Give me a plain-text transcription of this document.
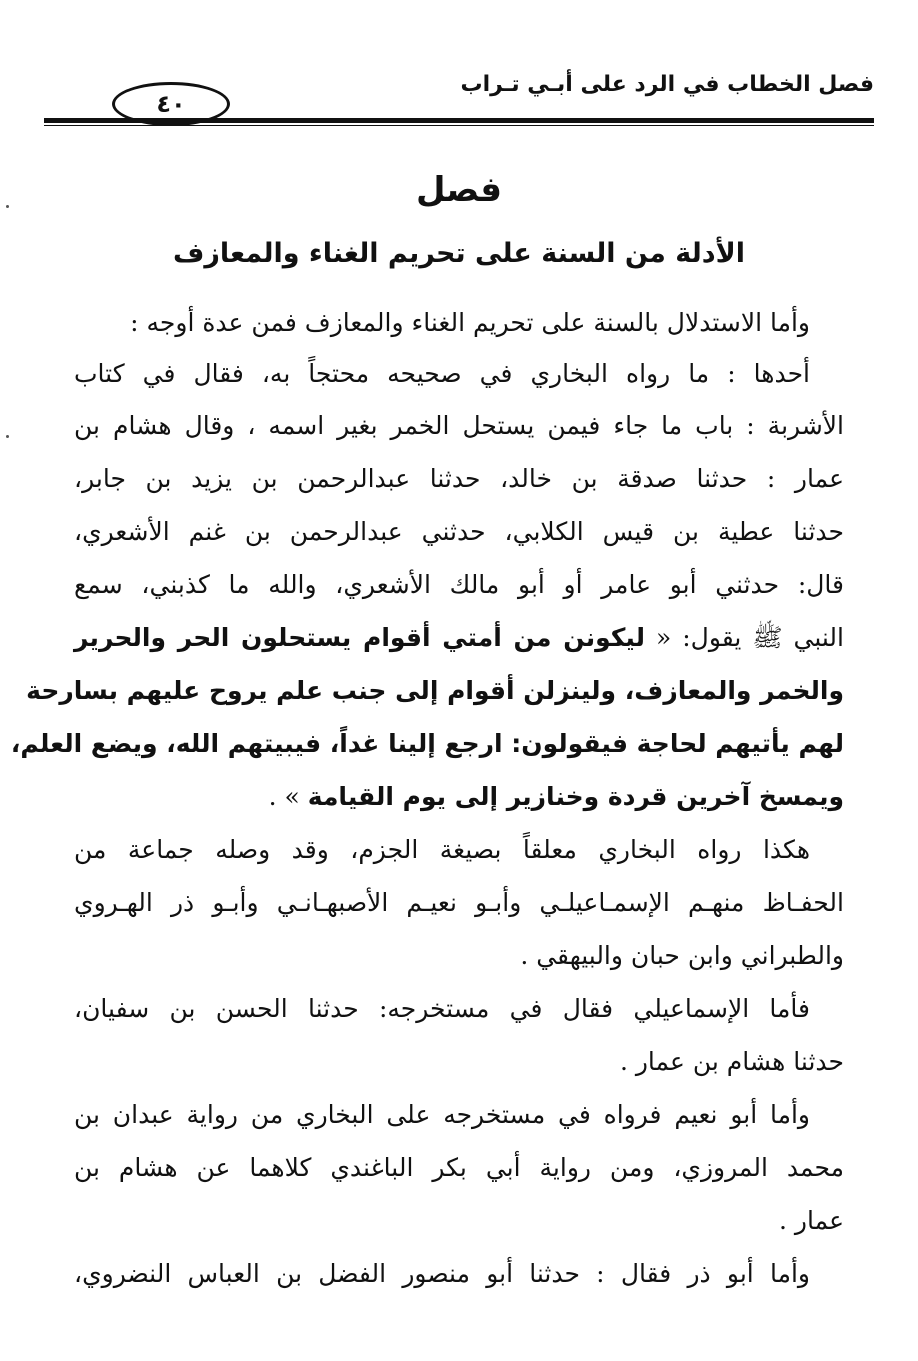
٤٠
فصل الخطاب في الرد على أبـي تـراب
فصل
الأدلة من السنة على تحريم الغناء والمعازف
وأما الاستدلال بالسنة على تحريم الغناء والمعازف فمن عدة أوجه :
أحدها : ما رواه البخاري في صحيحه محتجاً به، فقال في كتاب
الأشربة : باب ما جاء فيمن يستحل الخمر بغير اسمه ، وقال هشام بن
عمار : حدثنا صدقة بن خالد، حدثنا عبدالرحمن بن يزيد بن جابر،
حدثنا عطية بن قيس الكلابي، حدثني عبدالرحمن بن غنم الأشعري،
قال: حدثني أبو عامر أو أبو مالك الأشعري، والله ما كذبني، سمع
النبي ﷺ يقول: « ليكونن من أمتي أقوام يستحلون الحر والحرير
والخمر والمعازف، ولينزلن أقوام إلى جنب علم يروح عليهم بسارحة
لهم يأتيهم لحاجة فيقولون: ارجع إلينا غداً، فيبيتهم الله، ويضع العلم،
ويمسخ آخرين قردة وخنازير إلى يوم القيامة » .
هكذا رواه البخاري معلقاً بصيغة الجزم، وقد وصله جماعة من
الحفـاظ منهـم الإسمـاعيلـي وأبـو نعيـم الأصبهـانـي وأبـو ذر الهـروي
والطبراني وابن حبان والبيهقي .
فأما الإسماعيلي فقال في مستخرجه: حدثنا الحسن بن سفيان،
حدثنا هشام بن عمار .
وأما أبو نعيم فرواه في مستخرجه على البخاري من رواية عبدان بن
محمد المروزي، ومن رواية أبي بكر الباغندي كلاهما عن هشام بن
عمار .
وأما أبو ذر فقال : حدثنا أبو منصور الفضل بن العباس النضروي،
